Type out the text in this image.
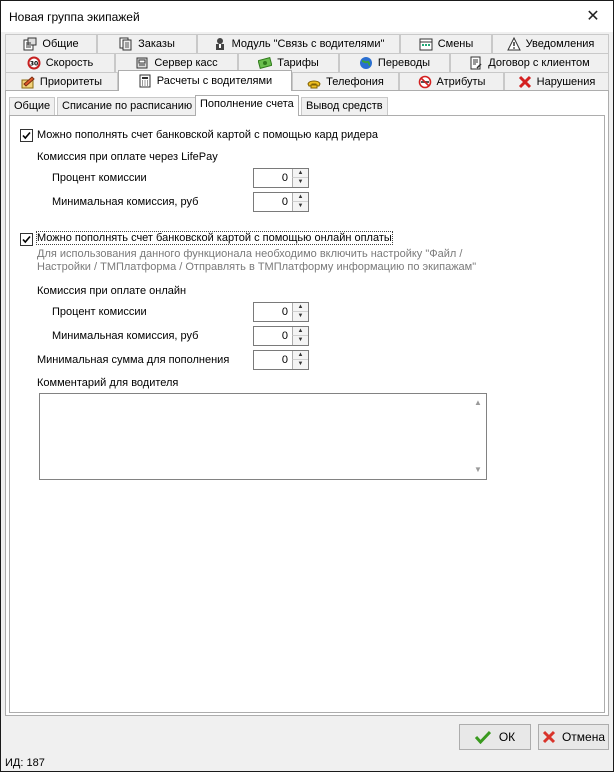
Новая группа экипажей	✕
Общие	Заказы	Модуль "Связь с водителями"	Смены	Уведомления
30 Скорость	Сервер касс	Тарифы	Переводы	Договор с клиентом
Приоритеты	Расчеты с водителями	Телефония	Атрибуты	Нарушения
Общие	Списание по расписанию Пополнение счета	Вывод средств
Можно пополнять счет банковской картой с помощью кард ридера
Комиссия при оплате через LifePay
Процент комиссии	0	▲
▼
Минимальная комиссия, руб	0	▲
▼
Можно пополнять счет банковской картой с помощью онлайн оплаты
Для использования данного функционала необходимо включить настройку "Файл /
Настройки / ТМПлатформа / Отправлять в ТМПлатформу информацию по экипажам"
Комиссия при оплате онлайн
Процент комиссии	0	▲
▼
Минимальная комиссия, руб	0	▲
▼
Минимальная сумма для пополнения	0	▲
▼
Комментарий для водителя
▲
▼
ОК	Отмена
ИД: 187
